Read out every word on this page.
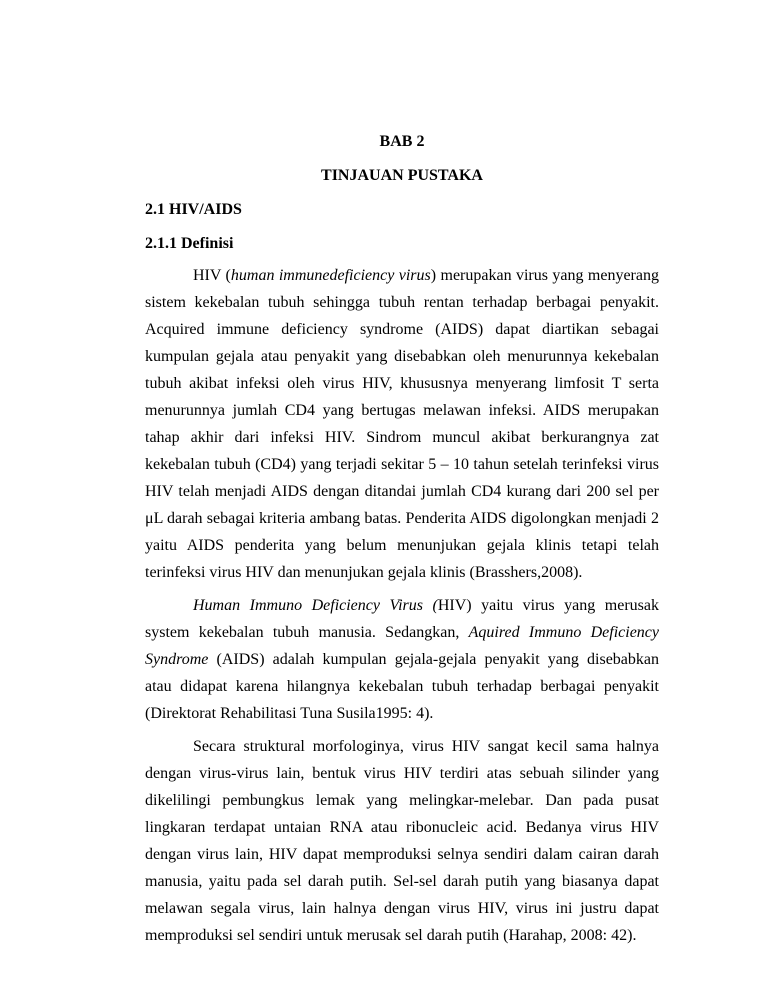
BAB 2
TINJAUAN PUSTAKA
2.1 HIV/AIDS
2.1.1 Definisi

HIV (human immunedeficiency virus) merupakan virus yang menyerang sistem kekebalan tubuh sehingga tubuh rentan terhadap berbagai penyakit. Acquired immune deficiency syndrome (AIDS) dapat diartikan sebagai kumpulan gejala atau penyakit yang disebabkan oleh menurunnya kekebalan tubuh akibat infeksi oleh virus HIV, khususnya menyerang limfosit T serta menurunnya jumlah CD4 yang bertugas melawan infeksi. AIDS merupakan tahap akhir dari infeksi HIV. Sindrom muncul akibat berkurangnya zat kekebalan tubuh (CD4) yang terjadi sekitar 5 – 10 tahun setelah terinfeksi virus HIV telah menjadi AIDS dengan ditandai jumlah CD4 kurang dari 200 sel per μL darah sebagai kriteria ambang batas. Penderita AIDS digolongkan menjadi 2 yaitu AIDS penderita yang belum menunjukan gejala klinis tetapi telah terinfeksi virus HIV dan menunjukan gejala klinis (Brasshers,2008).

Human Immuno Deficiency Virus (HIV) yaitu virus yang merusak system kekebalan tubuh manusia. Sedangkan, Aquired Immuno Deficiency Syndrome (AIDS) adalah kumpulan gejala-gejala penyakit yang disebabkan atau didapat karena hilangnya kekebalan tubuh terhadap berbagai penyakit (Direktorat Rehabilitasi Tuna Susila1995: 4).

Secara struktural morfologinya, virus HIV sangat kecil sama halnya dengan virus-virus lain, bentuk virus HIV terdiri atas sebuah silinder yang dikelilingi pembungkus lemak yang melingkar-melebar. Dan pada pusat lingkaran terdapat untaian RNA atau ribonucleic acid. Bedanya virus HIV dengan virus lain, HIV dapat memproduksi selnya sendiri dalam cairan darah manusia, yaitu pada sel darah putih. Sel-sel darah putih yang biasanya dapat melawan segala virus, lain halnya dengan virus HIV, virus ini justru dapat memproduksi sel sendiri untuk merusak sel darah putih (Harahap, 2008: 42).
